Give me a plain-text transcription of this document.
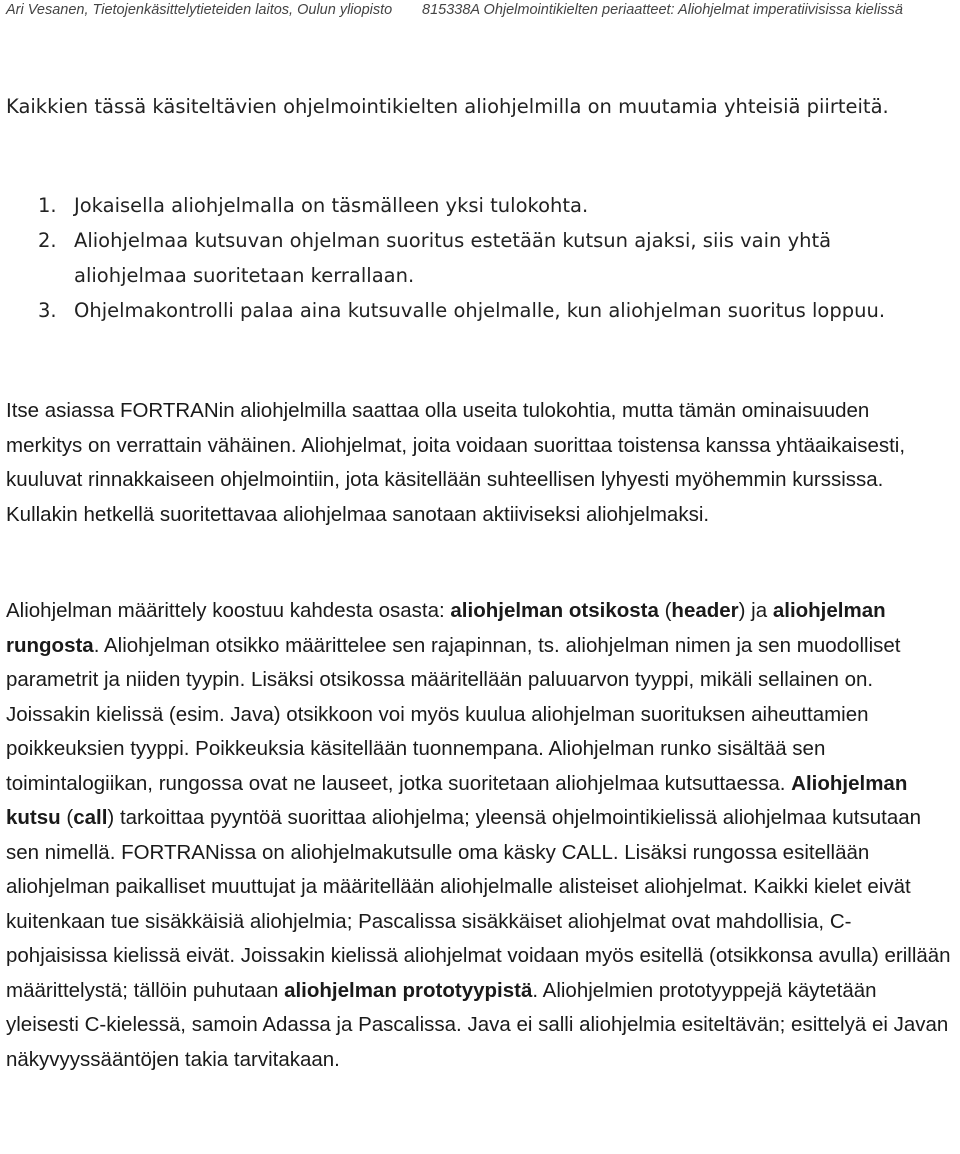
Ari Vesanen, Tietojenkäsittelytieteiden laitos, Oulun yliopisto 815338A Ohjelmointikielten periaatteet: Aliohjelmat imperatiivisissa kielissä

Kaikkien tässä käsiteltävien ohjelmointikielten aliohjelmilla on muutamia yhteisiä piirteitä.

1. Jokaisella aliohjelmalla on täsmälleen yksi tulokohta.
2. Aliohjelmaa kutsuvan ohjelman suoritus estetään kutsun ajaksi, siis vain yhtä aliohjelmaa suoritetaan kerrallaan.
3. Ohjelmakontrolli palaa aina kutsuvalle ohjelmalle, kun aliohjelman suoritus loppuu.

Itse asiassa FORTRANin aliohjelmilla saattaa olla useita tulokohtia, mutta tämän ominaisuuden merkitys on verrattain vähäinen. Aliohjelmat, joita voidaan suorittaa toistensa kanssa yhtäaikaisesti, kuuluvat rinnakkaiseen ohjelmointiin, jota käsitellään suhteellisen lyhyesti myöhemmin kurssissa. Kullakin hetkellä suoritettavaa aliohjelmaa sanotaan aktiiviseksi aliohjelmaksi.

Aliohjelman määrittely koostuu kahdesta osasta: aliohjelman otsikosta (header) ja aliohjelman rungosta. Aliohjelman otsikko määrittelee sen rajapinnan, ts. aliohjelman nimen ja sen muodolliset parametrit ja niiden tyypin. Lisäksi otsikossa määritellään paluuarvon tyyppi, mikäli sellainen on. Joissakin kielissä (esim. Java) otsikkoon voi myös kuulua aliohjelman suorituksen aiheuttamien poikkeuksien tyyppi. Poikkeuksia käsitellään tuonnempana. Aliohjelman runko sisältää sen toimintalogiikan, rungossa ovat ne lauseet, jotka suoritetaan aliohjelmaa kutsuttaessa. Aliohjelman kutsu (call) tarkoittaa pyyntöä suorittaa aliohjelma; yleensä ohjelmointikielissä aliohjelmaa kutsutaan sen nimellä. FORTRANissa on aliohjelmakutsulle oma käsky CALL. Lisäksi rungossa esitellään aliohjelman paikalliset muuttujat ja määritellään aliohjelmalle alisteiset aliohjelmat. Kaikki kielet eivät kuitenkaan tue sisäkkäisiä aliohjelmia; Pascalissa sisäkkäiset aliohjelmat ovat mahdollisia, C-pohjaisissa kielissä eivät. Joissakin kielissä aliohjelmat voidaan myös esitellä (otsikkonsa avulla) erillään määrittelystä; tällöin puhutaan aliohjelman prototyypistä. Aliohjelmien prototyyppejä käytetään yleisesti C-kielessä, samoin Adassa ja Pascalissa. Java ei salli aliohjelmia esiteltävän; esittelyä ei Javan näkyvyyssääntöjen takia tarvitakaan.
